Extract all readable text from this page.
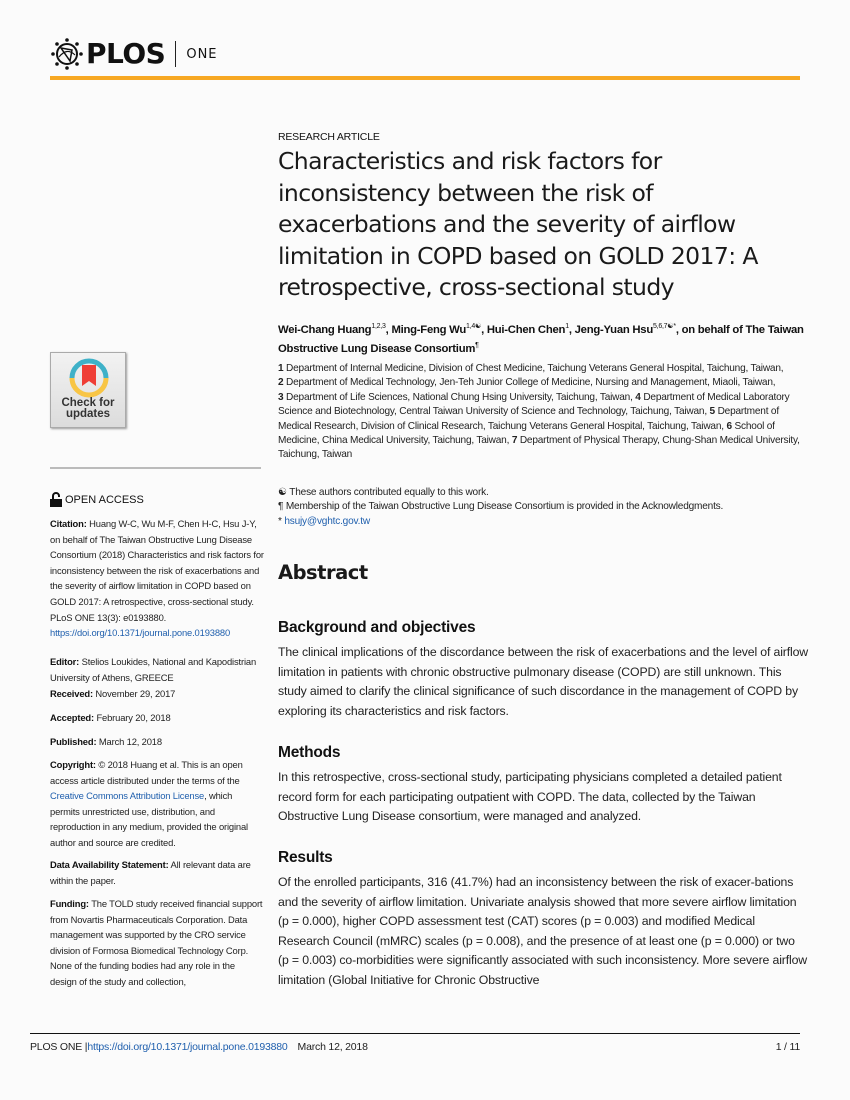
PLOS ONE
Check for
updates
OPEN ACCESS
Citation: Huang W-C, Wu M-F, Chen H-C, Hsu J-Y, on behalf of The Taiwan Obstructive Lung Disease Consortium (2018) Characteristics and risk factors for inconsistency between the risk of exacerbations and the severity of airflow limitation in COPD based on GOLD 2017: A retrospective, cross-sectional study. PLoS ONE 13(3): e0193880. https://doi.org/10.1371/journal.pone.0193880
Editor: Stelios Loukides, National and Kapodistrian University of Athens, GREECE
Received: November 29, 2017
Accepted: February 20, 2018
Published: March 12, 2018
Copyright: © 2018 Huang et al. This is an open access article distributed under the terms of the Creative Commons Attribution License, which permits unrestricted use, distribution, and reproduction in any medium, provided the original author and source are credited.
Data Availability Statement: All relevant data are within the paper.
Funding: The TOLD study received financial support from Novartis Pharmaceuticals Corporation. Data management was supported by the CRO service division of Formosa Biomedical Technology Corp. None of the funding bodies had any role in the design of the study and collection,
RESEARCH ARTICLE
Characteristics and risk factors for inconsistency between the risk of exacerbations and the severity of airflow limitation in COPD based on GOLD 2017: A retrospective, cross-sectional study
Wei-Chang Huang$^{1,2,3}$, Ming-Feng $Wu^{1,4☯}$, Hui-Chen Chen$^1$, Jeng-Yuan Hsu$^{5,6,7☯*}$, on behalf of The Taiwan Obstructive Lung Disease Consortium¶
1 Department of Internal Medicine, Division of Chest Medicine, Taichung Veterans General Hospital, Taichung, Taiwan, 2 Department of Medical Technology, Jen-Teh Junior College of Medicine, Nursing and Management, Miaoli, Taiwan, 3 Department of Life Sciences, National Chung Hsing University, Taichung, Taiwan, 4 Department of Medical Laboratory Science and Biotechnology, Central Taiwan University of Science and Technology, Taichung, Taiwan, 5 Department of Medical Research, Division of Clinical Research, Taichung Veterans General Hospital, Taichung, Taiwan, 6 School of Medicine, China Medical University, Taichung, Taiwan, 7 Department of Physical Therapy, Chung-Shan Medical University, Taichung, Taiwan
☯ These authors contributed equally to this work.
¶ Membership of the Taiwan Obstructive Lung Disease Consortium is provided in the Acknowledgments.
* hsujy@vghtc.gov.tw
Abstract
Background and objectives

The clinical implications of the discordance between the risk of exacerbations and the level of airflow limitation in patients with chronic obstructive pulmonary disease (COPD) are still unknown. This study aimed to clarify the clinical significance of such discordance in the management of COPD by exploring its characteristics and risk factors.

Methods

In this retrospective, cross-sectional study, participating physicians completed a detailed patient record form for each participating outpatient with COPD. The data, collected by the Taiwan Obstructive Lung Disease consortium, were managed and analyzed.

Results

Of the enrolled participants, 316 (41.7%) had an inconsistency between the risk of exacer-bations and the severity of airflow limitation. Univariate analysis showed that more severe airflow limitation (p = 0.000), higher COPD assessment test (CAT) scores (p = 0.003) and modified Medical Research Council (mMRC) scales (p = 0.008), and the presence of at least one (p = 0.000) or two (p = 0.003) co-morbidities were significantly associated with such inconsistency. More severe airflow limitation (Global Initiative for Chronic Obstructive

PLOS ONE | https://doi.org/10.1371/journal.pone.0193880 March 12, 2018	1 / 11
